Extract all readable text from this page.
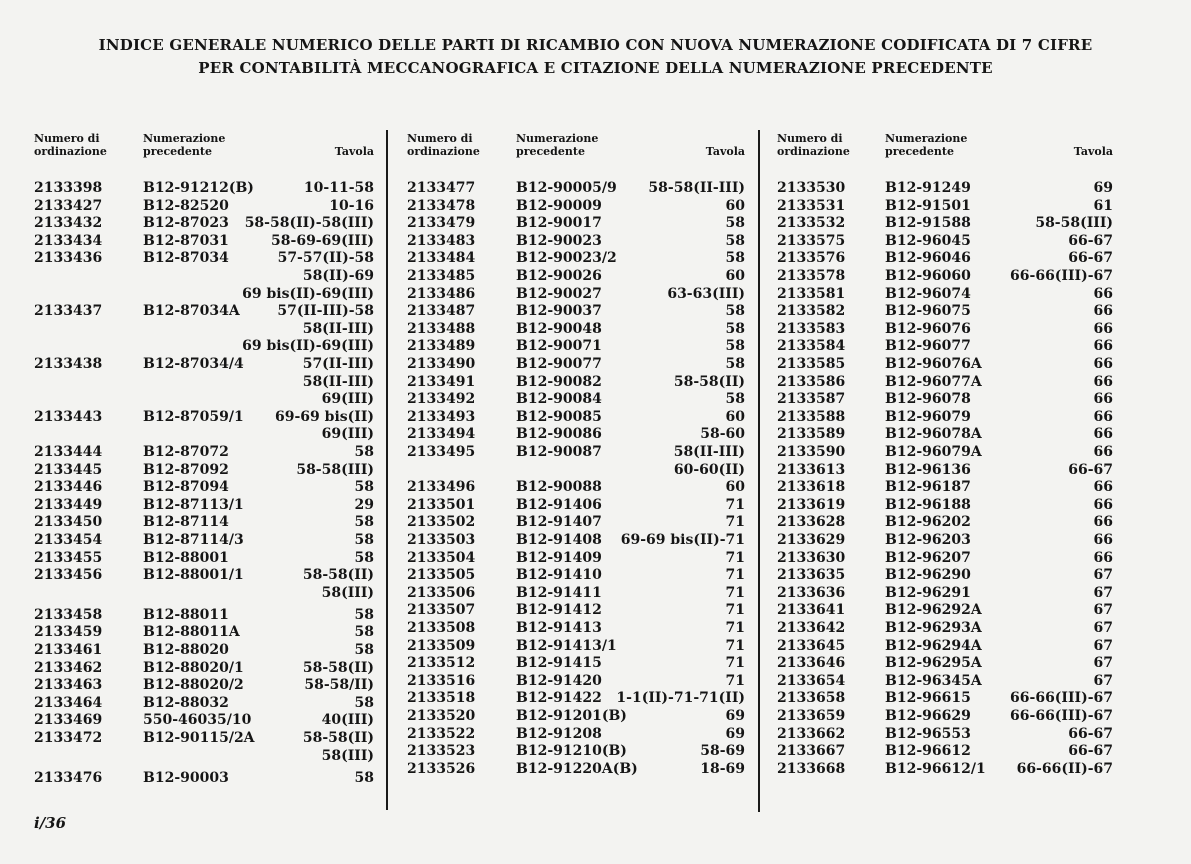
INDICE GENERALE NUMERICO DELLE PARTI DI RICAMBIO CON NUOVA NUMERAZIONE CODIFICATA DI 7 CIFRE
PER CONTABILITÀ MECCANOGRAFICA E CITAZIONE DELLA NUMERAZIONE PRECEDENTE
Numero di
ordinazione
Numerazione
precedente	Tavola
2133398	B12-91212(B)	10-11-58
2133427	B12-82520	10-16
2133432	B12-87023 58-58(II)-58(III)
2133434	B12-87031	58-69-69(III)
2133436	B12-87034	57-57(II)-58
58(II)-69
69 bis(II)-69(III)
2133437	B12-87034A	57(II-III)-58
58(II-III)
69 bis(II)-69(III)
2133438	B12-87034/4	57(II-III)
58(II-III)
69(III)
2133443	B12-87059/1 69-69 bis(II)
69(III)
2133444	B12-87072	58
2133445	B12-87092	58-58(III)
2133446	B12-87094	58
2133449	B12-87113/1	29
2133450	B12-87114	58
2133454	B12-87114/3	58
2133455	B12-88001	58
2133456	B12-88001/1	58-58(II)
58(III)
2133458	B12-88011	58
2133459	B12-88011A	58
2133461	B12-88020	58
2133462	B12-88020/1	58-58(II)
2133463	B12-88020/2	58-58/II)
2133464	B12-88032	58
2133469	550-46035/10	40(III)
2133472	B12-90115/2A	58-58(II)
58(III)
2133476	B12-90003	58
Numero di
ordinazione
Numerazione
precedente	Tavola
2133477	B12-90005/9 58-58(II-III)
2133478	B12-90009	60
2133479	B12-90017	58
2133483	B12-90023	58
2133484	B12-90023/2	58
2133485	B12-90026	60
2133486	B12-90027	63-63(III)
2133487	B12-90037	58
2133488	B12-90048	58
2133489	B12-90071	58
2133490	B12-90077	58
2133491	B12-90082	58-58(II)
2133492	B12-90084	58
2133493	B12-90085	60
2133494	B12-90086	58-60
2133495	B12-90087	58(II-III)
60-60(II)
2133496	B12-90088	60
2133501	B12-91406	71
2133502	B12-91407	71
2133503	B12-91408 69-69 bis(II)-71
2133504	B12-91409	71
2133505	B12-91410	71
2133506	B12-91411	71
2133507	B12-91412	71
2133508	B12-91413	71
2133509	B12-91413/1	71
2133512	B12-91415	71
2133516	B12-91420	71
2133518	B12-91422 1-1(II)-71-71(II)
2133520	B12-91201(B)	69
2133522	B12-91208	69
2133523	B12-91210(B)	58-69
2133526	B12-91220A(B)	18-69
Numero di
ordinazione
Numerazione
precedente	Tavola
2133530	B12-91249	69
2133531	B12-91501	61
2133532	B12-91588	58-58(III)
2133575	B12-96045	66-67
2133576	B12-96046	66-67
2133578	B12-96060	66-66(III)-67
2133581	B12-96074	66
2133582	B12-96075	66
2133583	B12-96076	66
2133584	B12-96077	66
2133585	B12-96076A	66
2133586	B12-96077A	66
2133587	B12-96078	66
2133588	B12-96079	66
2133589	B12-96078A	66
2133590	B12-96079A	66
2133613	B12-96136	66-67
2133618	B12-96187	66
2133619	B12-96188	66
2133628	B12-96202	66
2133629	B12-96203	66
2133630	B12-96207	66
2133635	B12-96290	67
2133636	B12-96291	67
2133641	B12-96292A	67
2133642	B12-96293A	67
2133645	B12-96294A	67
2133646	B12-96295A	67
2133654	B12-96345A	67
2133658	B12-96615	66-66(III)-67
2133659	B12-96629	66-66(III)-67
2133662	B12-96553	66-67
2133667	B12-96612	66-67
2133668	B12-96612/1 66-66(II)-67
i/36
